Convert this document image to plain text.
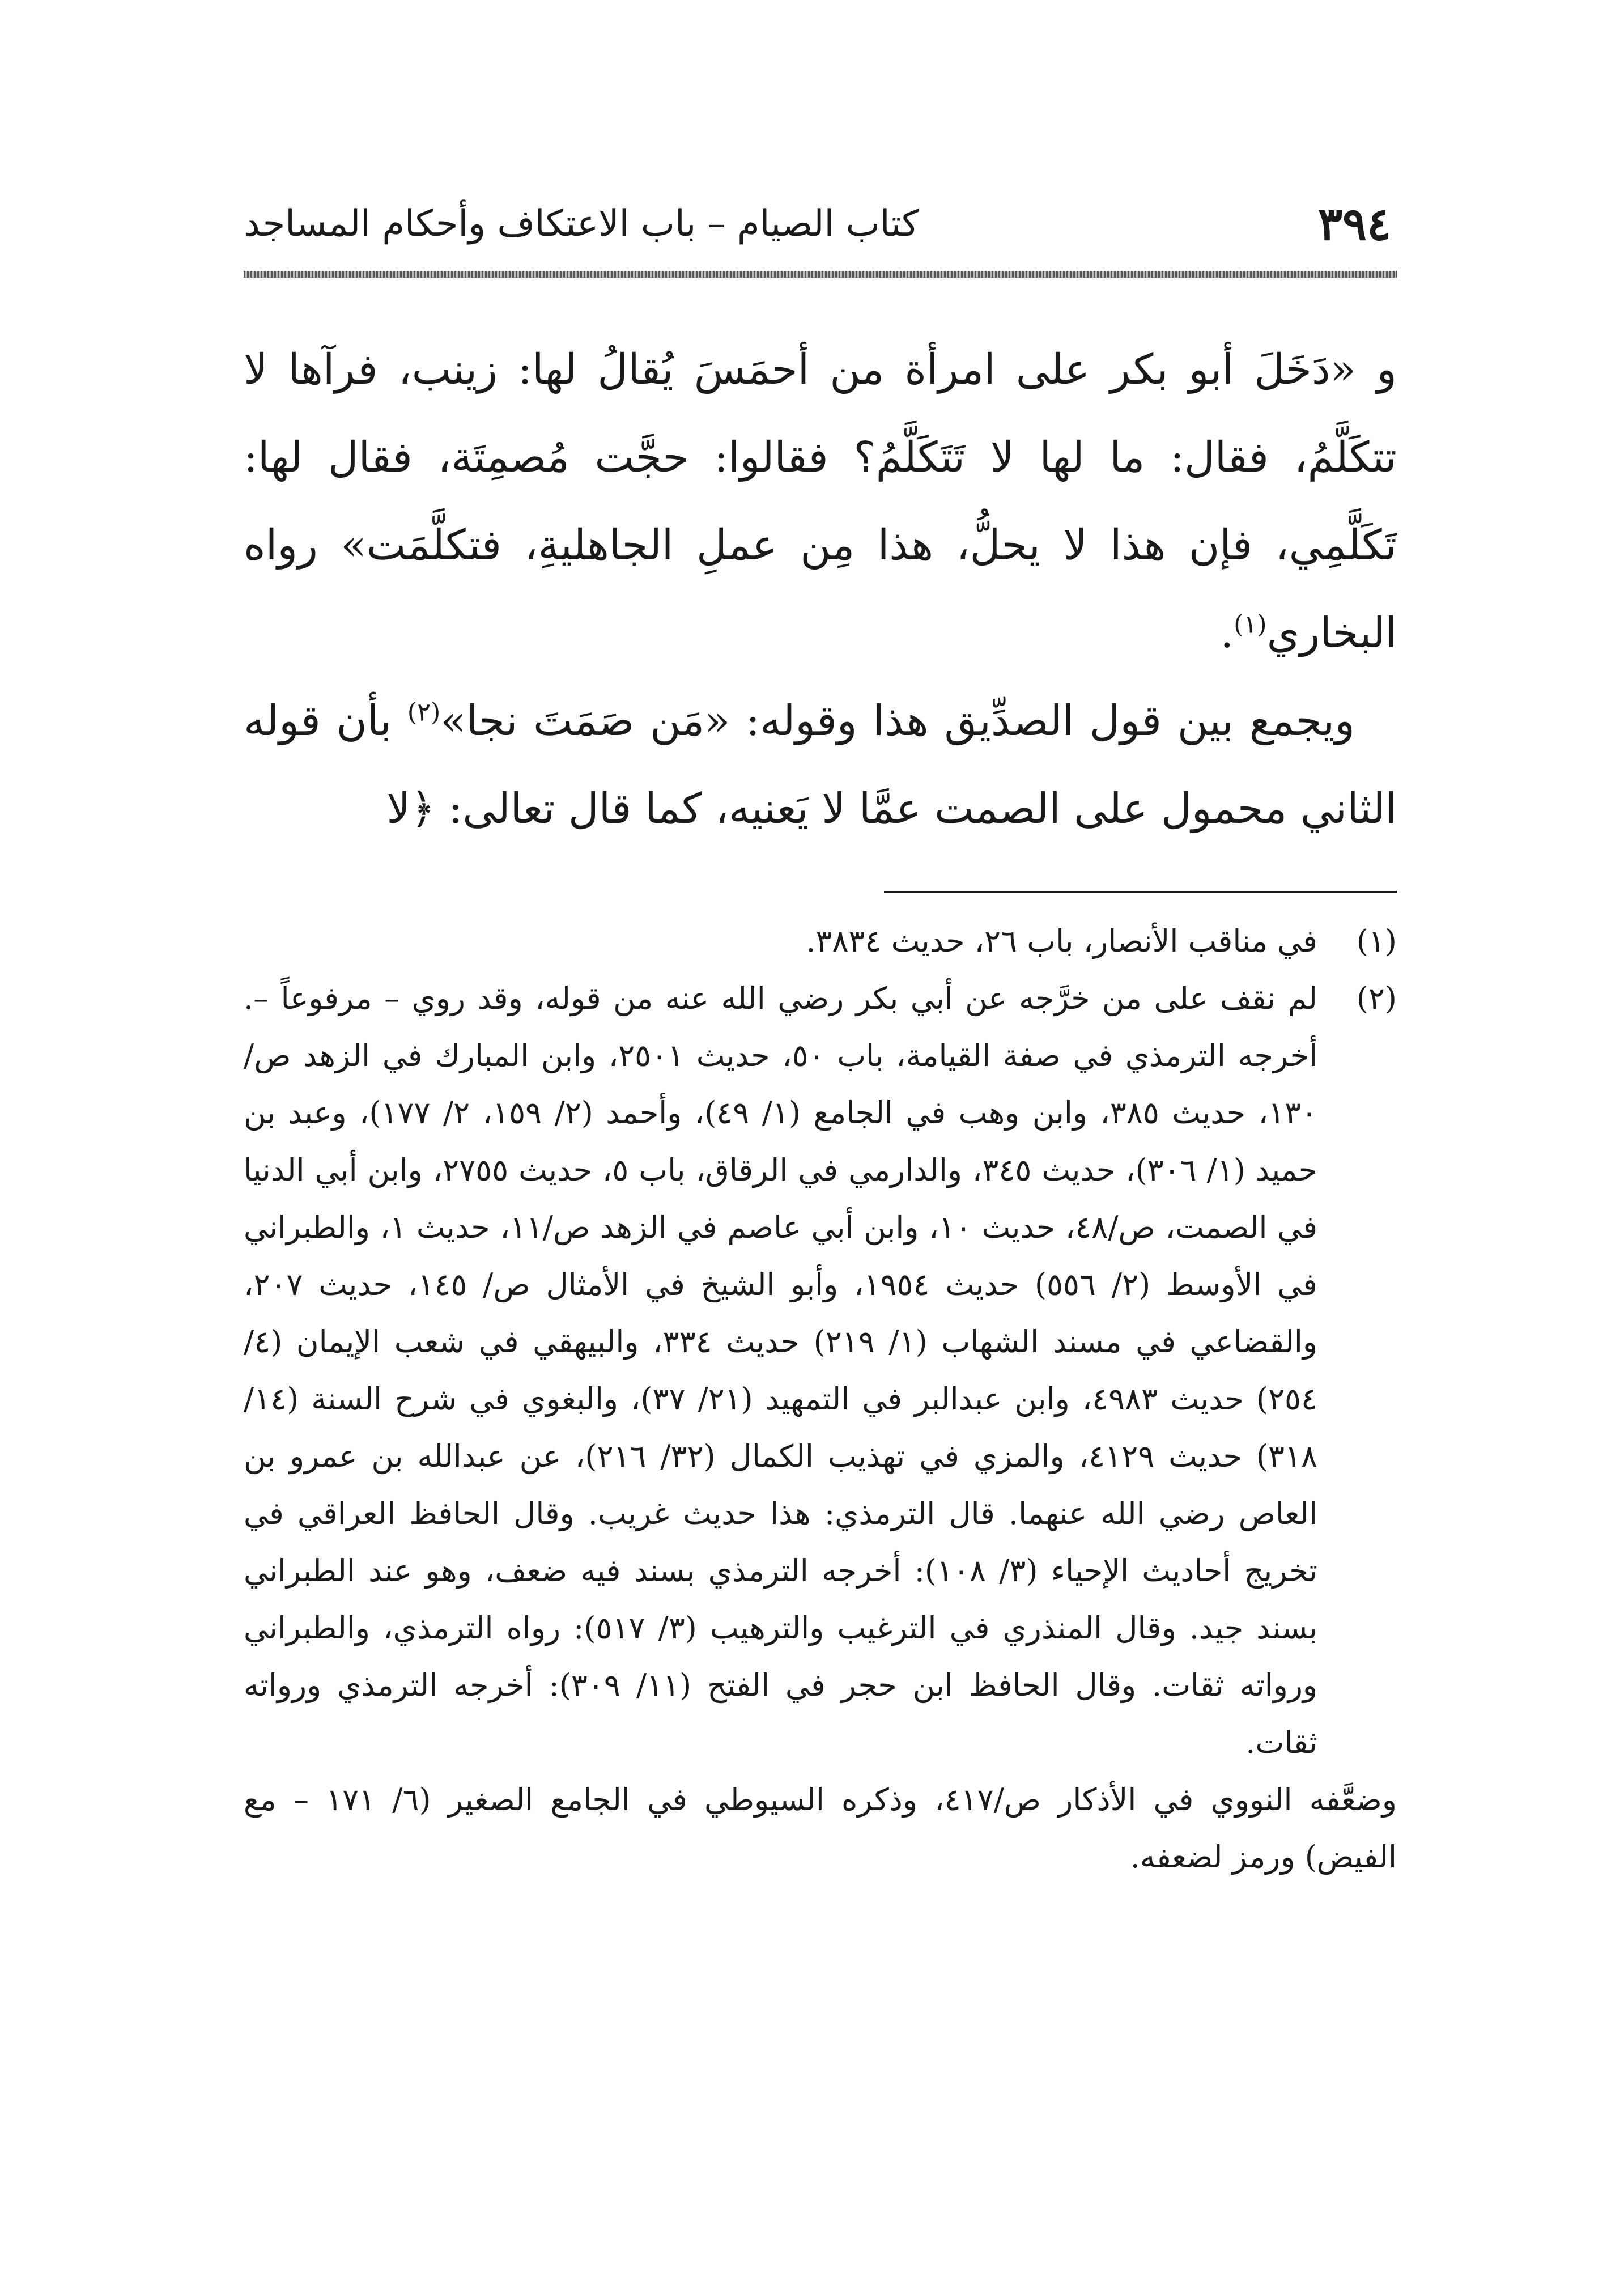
٣٩٤
كتاب الصيام – باب الاعتكاف وأحكام المساجد

و «دَخَلَ أبو بكر على امرأة من أحمَسَ يُقالُ لها: زينب، فرآها لا تتكَلَّمُ، فقال: ما لها لا تَتَكَلَّمُ؟ فقالوا: حجَّت مُصمِتَة، فقال لها: تَكَلَّمِي، فإن هذا لا يحلُّ، هذا مِن عملِ الجاهليةِ، فتكلَّمَت» رواه البخاري$^{(١)}$.

 ويجمع بين قول الصدِّيق هذا وقوله: «مَن صَمَتَ نجا»$^{(٢)}$ بأن قوله الثاني محمول على الصمت عمَّا لا يَعنيه، كما قال تعالى: ﴿لا

(١)
في مناقب الأنصار، باب ٢٦، حديث ٣٨٣٤.
(٢)
لم نقف على من خرَّجه عن أبي بكر رضي الله عنه من قوله، وقد روي – مرفوعاً –. أخرجه الترمذي في صفة القيامة، باب ٥٠، حديث ٢٥٠١، وابن المبارك في الزهد ص/١٣٠، حديث ٣٨٥، وابن وهب في الجامع (١/ ٤٩)، وأحمد (٢/ ١٥٩، ٢/ ١٧٧)، وعبد بن حميد (١/ ٣٠٦)، حديث ٣٤٥، والدارمي في الرقاق، باب ٥، حديث ٢٧٥٥، وابن أبي الدنيا في الصمت، ص/٤٨، حديث ١٠، وابن أبي عاصم في الزهد ص/١١، حديث ١، والطبراني في الأوسط (٢/ ٥٥٦) حديث ١٩٥٤، وأبو الشيخ في الأمثال ص/ ١٤٥، حديث ٢٠٧، والقضاعي في مسند الشهاب (١/ ٢١٩) حديث ٣٣٤، والبيهقي في شعب الإيمان (٤/ ٢٥٤) حديث ٤٩٨٣، وابن عبدالبر في التمهيد (٢١/ ٣٧)، والبغوي في شرح السنة (١٤/ ٣١٨) حديث ٤١٢٩، والمزي في تهذيب الكمال (٣٢/ ٢١٦)، عن عبدالله بن عمرو بن العاص رضي الله عنهما. قال الترمذي: هذا حديث غريب. وقال الحافظ العراقي في تخريج أحاديث الإحياء (٣/ ١٠٨): أخرجه الترمذي بسند فيه ضعف، وهو عند الطبراني بسند جيد. وقال المنذري في الترغيب والترهيب (٣/ ٥١٧): رواه الترمذي، والطبراني ورواته ثقات. وقال الحافظ ابن حجر في الفتح (١١/ ٣٠٩): أخرجه الترمذي ورواته ثقات.

وضعَّفه النووي في الأذكار ص/٤١٧، وذكره السيوطي في الجامع الصغير (٦/ ١٧١ – مع الفيض) ورمز لضعفه.
